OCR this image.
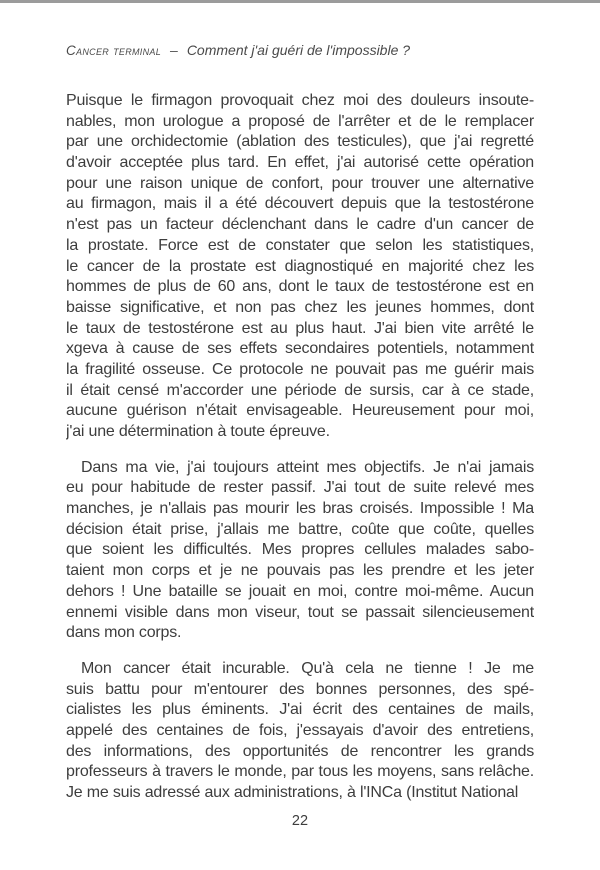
Cancer terminal – Comment j'ai guéri de l'impossible ?
Puisque le firmagon provoquait chez moi des douleurs insoute-
nables, mon urologue a proposé de l'arrêter et de le remplacer
par une orchidectomie (ablation des testicules), que j'ai regretté
d'avoir acceptée plus tard. En effet, j'ai autorisé cette opération
pour une raison unique de confort, pour trouver une alternative
au firmagon, mais il a été découvert depuis que la testostérone
n'est pas un facteur déclenchant dans le cadre d'un cancer de
la prostate. Force est de constater que selon les statistiques,
le cancer de la prostate est diagnostiqué en majorité chez les
hommes de plus de 60 ans, dont le taux de testostérone est en
baisse significative, et non pas chez les jeunes hommes, dont
le taux de testostérone est au plus haut. J'ai bien vite arrêté le
xgeva à cause de ses effets secondaires potentiels, notamment
la fragilité osseuse. Ce protocole ne pouvait pas me guérir mais
il était censé m'accorder une période de sursis, car à ce stade,
aucune guérison n'était envisageable. Heureusement pour moi,
j'ai une détermination à toute épreuve.
Dans ma vie, j'ai toujours atteint mes objectifs. Je n'ai jamais
eu pour habitude de rester passif. J'ai tout de suite relevé mes
manches, je n'allais pas mourir les bras croisés. Impossible ! Ma
décision était prise, j'allais me battre, coûte que coûte, quelles
que soient les difficultés. Mes propres cellules malades sabo-
taient mon corps et je ne pouvais pas les prendre et les jeter
dehors ! Une bataille se jouait en moi, contre moi-même. Aucun
ennemi visible dans mon viseur, tout se passait silencieusement
dans mon corps.
Mon cancer était incurable. Qu'à cela ne tienne ! Je me
suis battu pour m'entourer des bonnes personnes, des spé-
cialistes les plus éminents. J'ai écrit des centaines de mails,
appelé des centaines de fois, j'essayais d'avoir des entretiens,
des informations, des opportunités de rencontrer les grands
professeurs à travers le monde, par tous les moyens, sans relâche.
Je me suis adressé aux administrations, à l'INCa (Institut National
22
